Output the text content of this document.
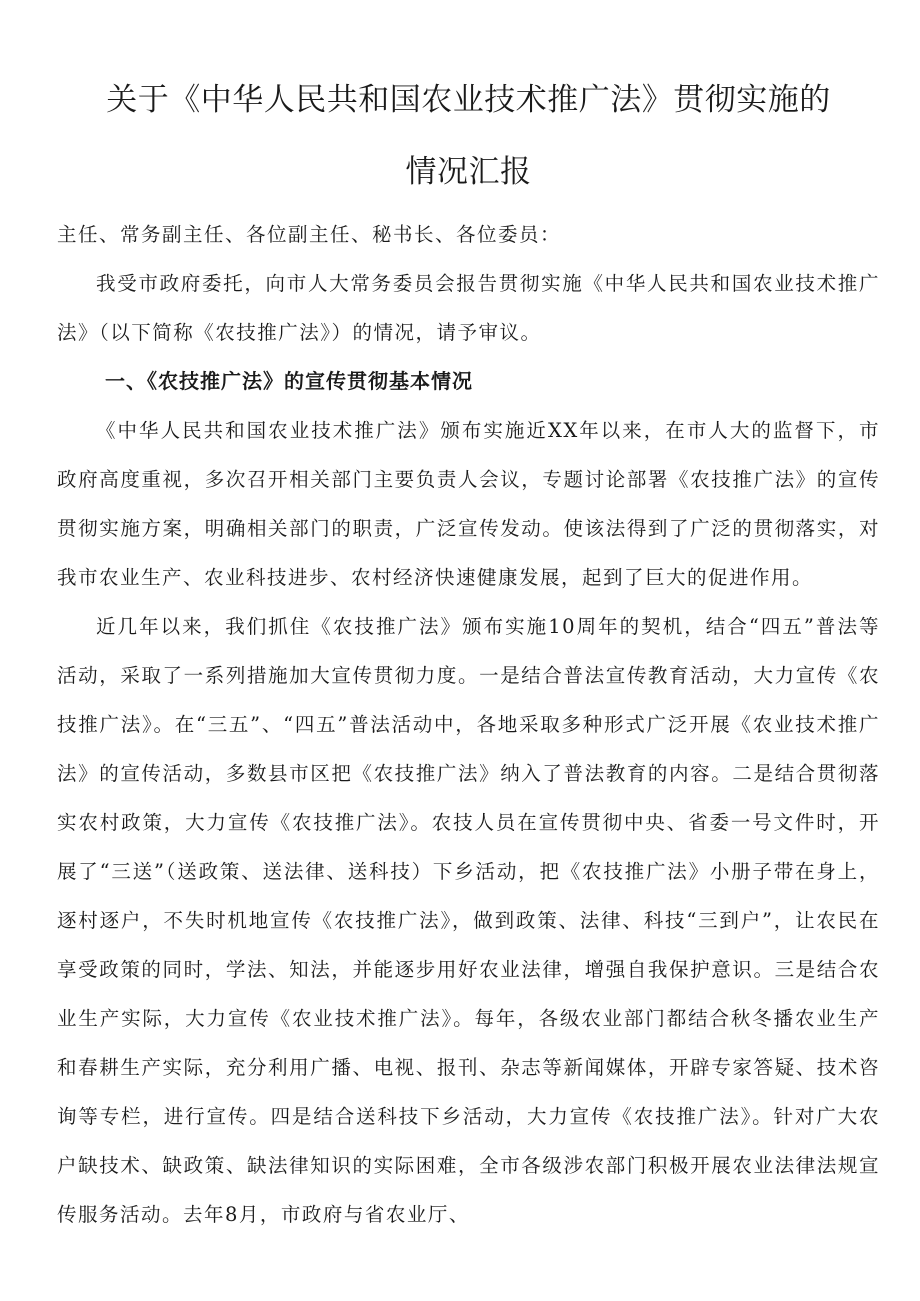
关于《中华人民共和国农业技术推广法》贯彻实施的
情况汇报

主任、常务副主任、各位副主任、秘书长、各位委员：

我受市政府委托，向市人大常务委员会报告贯彻实施《中华人民共和国农业技术推广法》（以下简称《农技推广法》）的情况，请予审议。

一、《农技推广法》的宣传贯彻基本情况

《中华人民共和国农业技术推广法》颁布实施近XX年以来，在市人大的监督下，市政府高度重视，多次召开相关部门主要负责人会议，专题讨论部署《农技推广法》的宣传贯彻实施方案，明确相关部门的职责，广泛宣传发动。使该法得到了广泛的贯彻落实，对我市农业生产、农业科技进步、农村经济快速健康发展，起到了巨大的促进作用。

近几年以来，我们抓住《农技推广法》颁布实施10周年的契机，结合“四五”普法等活动，采取了一系列措施加大宣传贯彻力度。一是结合普法宣传教育活动，大力宣传《农技推广法》。在“三五”、“四五”普法活动中，各地采取多种形式广泛开展《农业技术推广法》的宣传活动，多数县市区把《农技推广法》纳入了普法教育的内容。二是结合贯彻落实农村政策，大力宣传《农技推广法》。农技人员在宣传贯彻中央、省委一号文件时，开展了“三送”（送政策、送法律、送科技）下乡活动，把《农技推广法》小册子带在身上，逐村逐户，不失时机地宣传《农技推广法》，做到政策、法律、科技“三到户”，让农民在享受政策的同时，学法、知法，并能逐步用好农业法律，增强自我保护意识。三是结合农业生产实际，大力宣传《农业技术推广法》。每年，各级农业部门都结合秋冬播农业生产和春耕生产实际，充分利用广播、电视、报刊、杂志等新闻媒体，开辟专家答疑、技术咨询等专栏，进行宣传。四是结合送科技下乡活动，大力宣传《农技推广法》。针对广大农户缺技术、缺政策、缺法律知识的实际困难，全市各级涉农部门积极开展农业法律法规宣传服务活动。去年8月，市政府与省农业厅、
